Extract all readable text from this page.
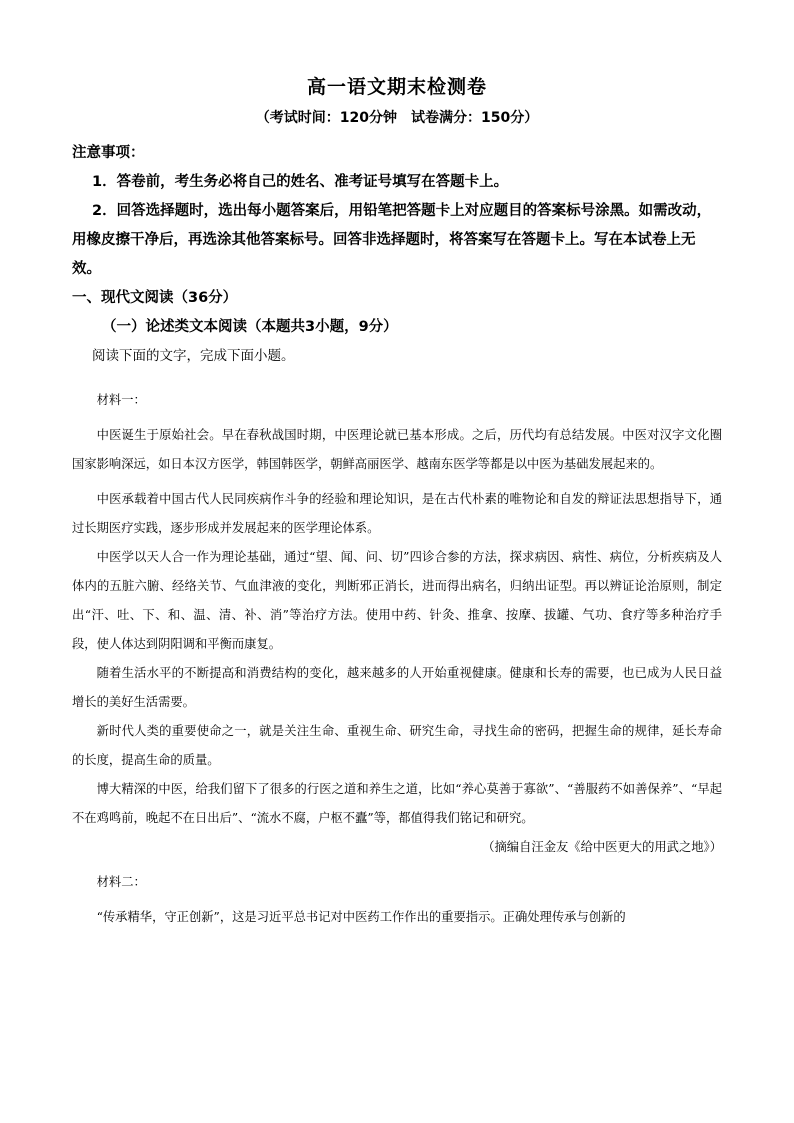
高一语文期末检测卷
（考试时间：120分钟　试卷满分：150分）

注意事项：

1．答卷前，考生务必将自己的姓名、准考证号填写在答题卡上。

2．回答选择题时，选出每小题答案后，用铅笔把答题卡上对应题目的答案标号涂黑。如需改动，用橡皮擦干净后，再选涂其他答案标号。回答非选择题时，将答案写在答题卡上。写在本试卷上无效。

一、现代文阅读（36分）

（一）论述类文本阅读（本题共3小题，9分）

阅读下面的文字，完成下面小题。

材料一：

中医诞生于原始社会。早在春秋战国时期，中医理论就已基本形成。之后，历代均有总结发展。中医对汉字文化圈国家影响深远，如日本汉方医学，韩国韩医学，朝鲜高丽医学、越南东医学等都是以中医为基础发展起来的。

中医承载着中国古代人民同疾病作斗争的经验和理论知识，是在古代朴素的唯物论和自发的辩证法思想指导下，通过长期医疗实践，逐步形成并发展起来的医学理论体系。

中医学以天人合一作为理论基础，通过“望、闻、问、切”四诊合参的方法，探求病因、病性、病位，分析疾病及人体内的五脏六腑、经络关节、气血津液的变化，判断邪正消长，进而得出病名，归纳出证型。再以辨证论治原则，制定出“汗、吐、下、和、温、清、补、消”等治疗方法。使用中药、针灸、推拿、按摩、拔罐、气功、食疗等多种治疗手段，使人体达到阴阳调和平衡而康复。

随着生活水平的不断提高和消费结构的变化，越来越多的人开始重视健康。健康和长寿的需要，也已成为人民日益增长的美好生活需要。

新时代人类的重要使命之一，就是关注生命、重视生命、研究生命，寻找生命的密码，把握生命的规律，延长寿命的长度，提高生命的质量。

博大精深的中医，给我们留下了很多的行医之道和养生之道，比如“养心莫善于寡欲”、“善服药不如善保养”、“早起不在鸡鸣前，晚起不在日出后”、“流水不腐，户枢不蠹”等，都值得我们铭记和研究。

（摘编自汪金友《给中医更大的用武之地》）

材料二：

“传承精华，守正创新”，这是习近平总书记对中医药工作作出的重要指示。正确处理传承与创新的
